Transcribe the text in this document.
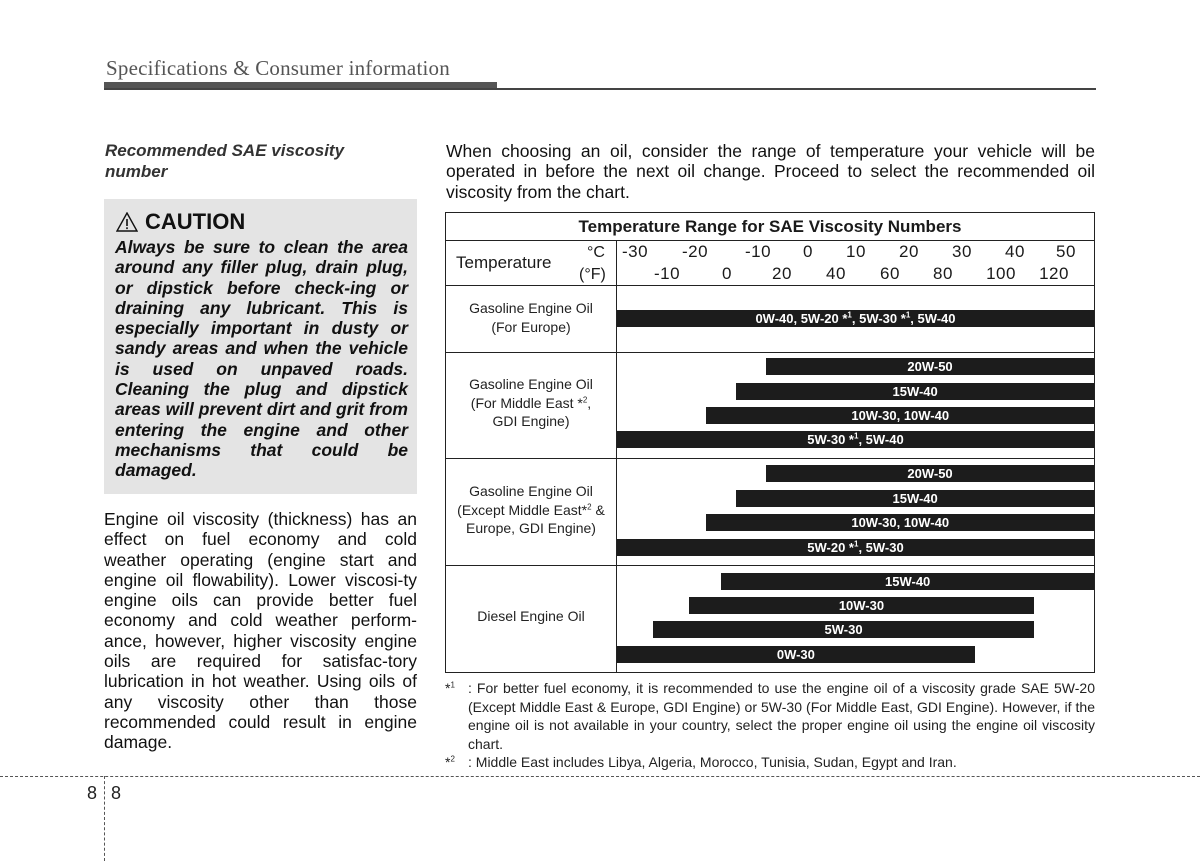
Specifications & Consumer information
Recommended SAE viscosity number
CAUTION
Always be sure to clean the area around any filler plug, drain plug, or dipstick before check-ing or draining any lubricant. This is especially important in dusty or sandy areas and when the vehicle is used on unpaved roads. Cleaning the plug and dipstick areas will prevent dirt and grit from entering the engine and other mechanisms that could be damaged.
Engine oil viscosity (thickness) has an effect on fuel economy and cold weather operating (engine start and engine oil flowability). Lower viscosi-ty engine oils can provide better fuel economy and cold weather perform-ance, however, higher viscosity engine oils are required for satisfac-tory lubrication in hot weather. Using oils of any viscosity other than those recommended could result in engine damage.
When choosing an oil, consider the range of temperature your vehicle will be operated in before the next oil change. Proceed to select the recommended oil viscosity from the chart.
Temperature Range for SAE Viscosity Numbers
Temperature
°C
(°F)
-30 -20 -10 0 10 20 30 40 50
-10 0 20 40 60 80 100 120
Gasoline Engine Oil
(For Europe)	0W-40, 5W-20 *$^1$, 5W-30 *$^1$, 5W-40
Gasoline Engine Oil
(For Middle East *$^2$,
GDI Engine)
20W-50
15W-40
10W-30, 10W-40
5W-30 *$^1$, 5W-40
Gasoline Engine Oil
(Except Middle East*$^2$ &
Europe, GDI Engine)
20W-50
15W-40
10W-30, 10W-40
5W-20 *$^1$, 5W-30
Diesel Engine Oil
15W-40
10W-30
5W-30
0W-30
*$^1$ : For better fuel economy, it is recommended to use the engine oil of a viscosity grade SAE 5W-20 (Except Middle East & Europe, GDI Engine) or 5W-30 (For Middle East, GDI Engine). However, if the engine oil is not available in your country, select the proper engine oil using the engine oil viscosity chart.
*$^2$ : Middle East includes Libya, Algeria, Morocco, Tunisia, Sudan, Egypt and Iran.
8 8
